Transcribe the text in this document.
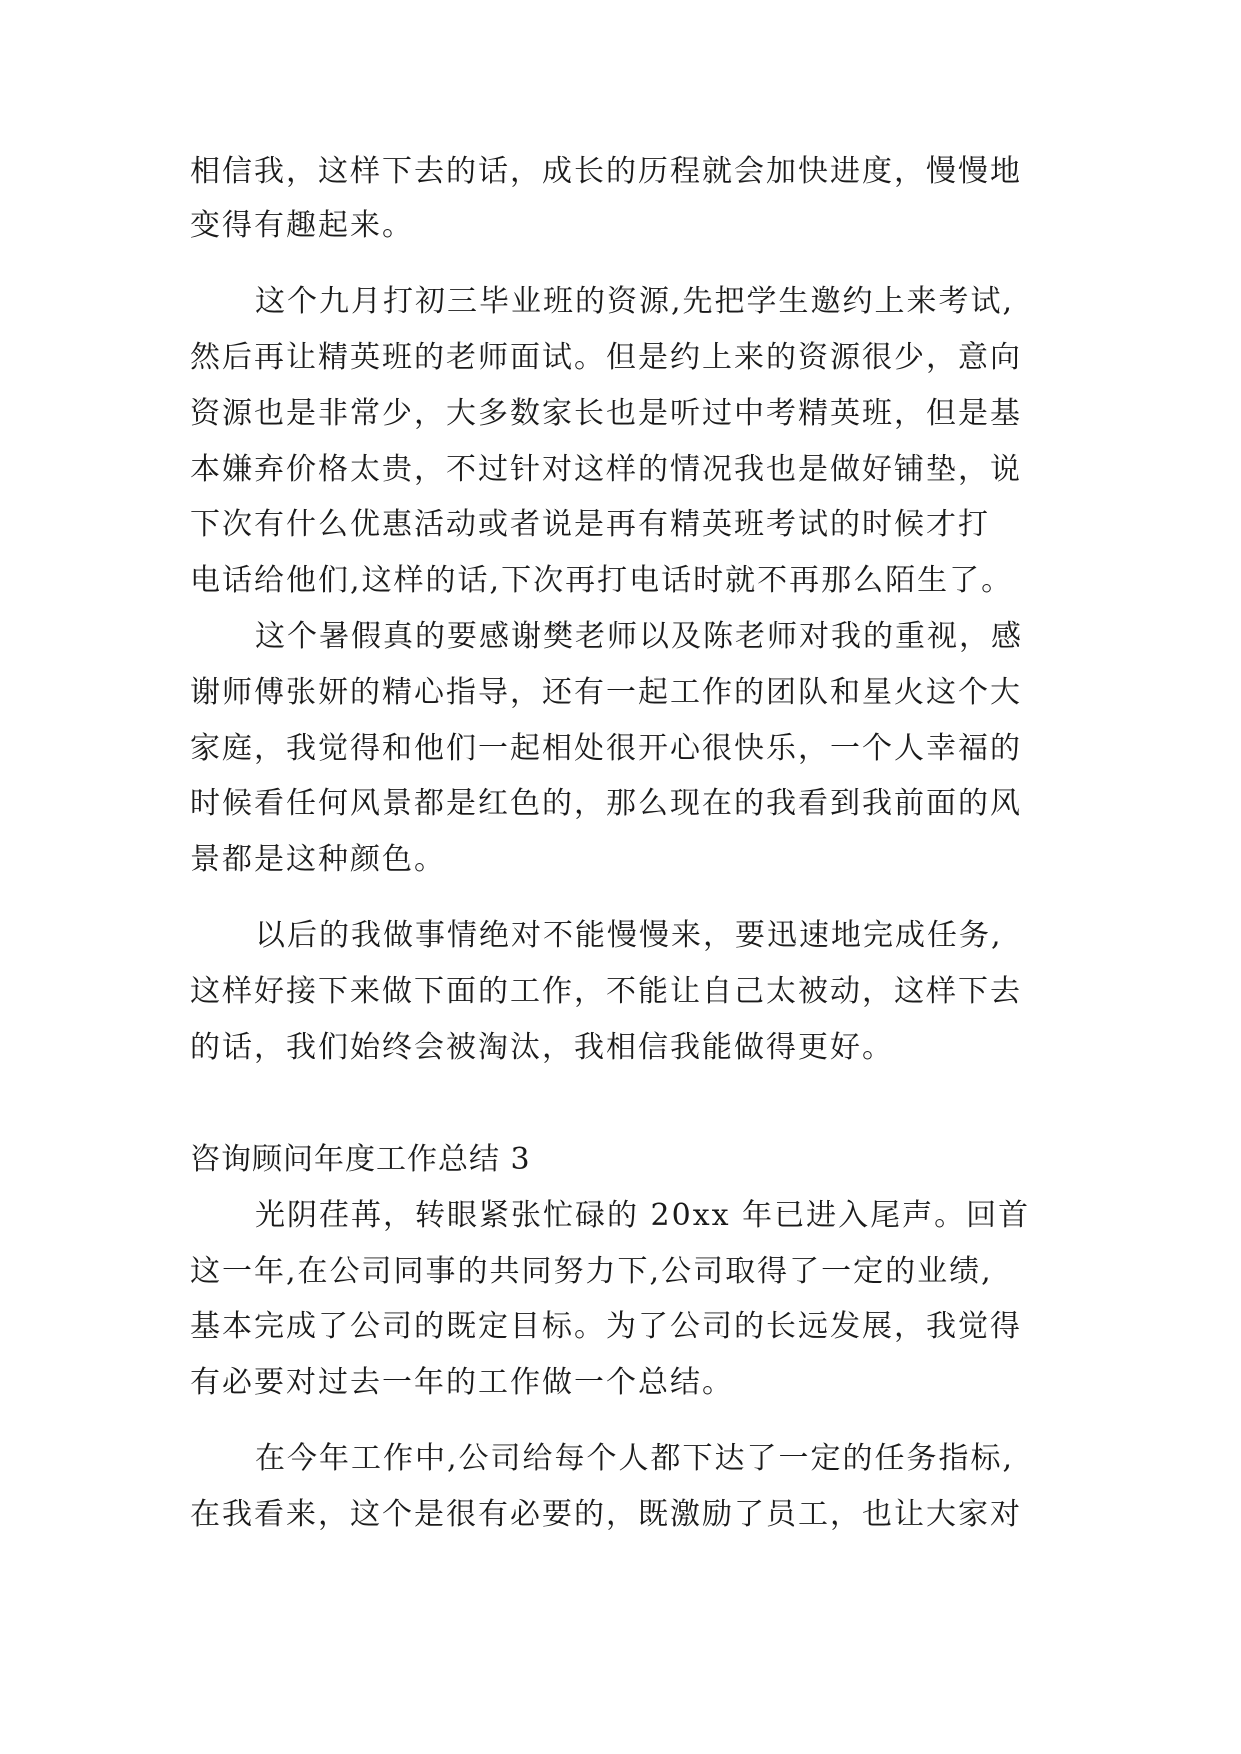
相信我，这样下去的话，成长的历程就会加快进度，慢慢地
变得有趣起来。
这个九月打初三毕业班的资源,先把学生邀约上来考试,
然后再让精英班的老师面试。但是约上来的资源很少，意向
资源也是非常少，大多数家长也是听过中考精英班，但是基
本嫌弃价格太贵，不过针对这样的情况我也是做好铺垫，说
下次有什么优惠活动或者说是再有精英班考试的时候才打
电话给他们,这样的话,下次再打电话时就不再那么陌生了。
这个暑假真的要感谢樊老师以及陈老师对我的重视，感
谢师傅张妍的精心指导，还有一起工作的团队和星火这个大
家庭，我觉得和他们一起相处很开心很快乐，一个人幸福的
时候看任何风景都是红色的，那么现在的我看到我前面的风
景都是这种颜色。
以后的我做事情绝对不能慢慢来，要迅速地完成任务,
这样好接下来做下面的工作，不能让自己太被动，这样下去
的话，我们始终会被淘汰，我相信我能做得更好。
咨询顾问年度工作总结 3
光阴荏苒，转眼紧张忙碌的 20xx 年已进入尾声。回首
这一年,在公司同事的共同努力下,公司取得了一定的业绩,
基本完成了公司的既定目标。为了公司的长远发展，我觉得
有必要对过去一年的工作做一个总结。
在今年工作中,公司给每个人都下达了一定的任务指标,
在我看来，这个是很有必要的，既激励了员工，也让大家对
